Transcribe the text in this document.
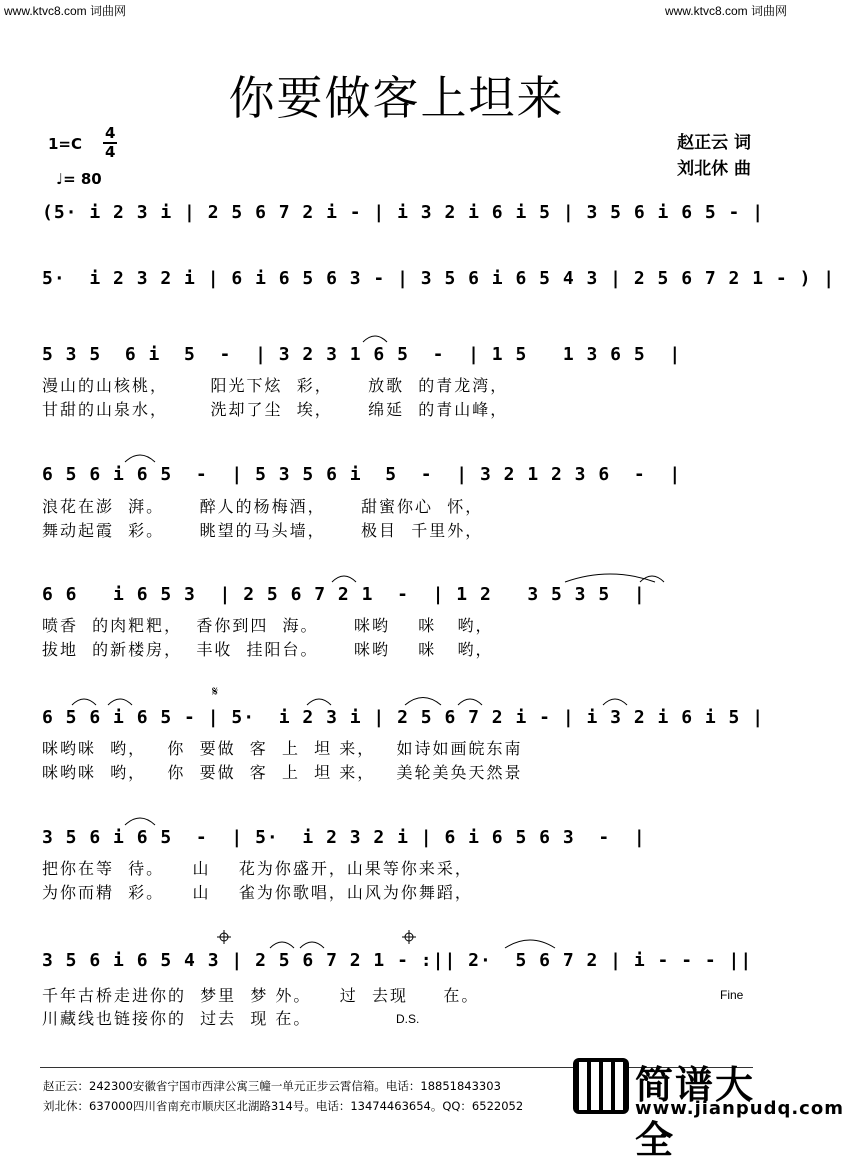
www.ktvc8.com 词曲网	www.ktvc8.com 词曲网
你要做客上坦来
1=C
4
4
♩= 80
赵正云 词
刘北休 曲
(5· i 2 3 i | 2 5 6 7 2 i - | i 3 2 i 6 i 5 | 3 5 6 i 6 5 - |
5·  i 2 3 2 i | 6 i 6 5 6 3 - | 3 5 6 i 6 5 4 3 | 2 5 6 7 2 1 - ) |
5 3 5  6 i  5  -  | 3 2 3 1 6 5  -  | 1 5   1 3 6 5  |
漫山的山核桃，      阳光下炫  彩，     放歌  的青龙湾，
甘甜的山泉水，      洗却了尘  埃，     绵延  的青山峰，
6 5 6 i 6 5  -  | 5 3 5 6 i  5  -  | 3 2 1 2 3 6  -  |
浪花在澎  湃。     醉人的杨梅酒，     甜蜜你心  怀，
舞动起霞  彩。     眺望的马头墙，     极目  千里外，
6 6   i 6 5 3  | 2 5 6 7 2 1  -  | 1 2   3 5 3 5  |
喷香  的肉粑粑，  香你到四  海。     咪哟    咪   哟，
拔地  的新楼房，  丰收  挂阳台。     咪哟    咪   哟，
6 5 6 i 6 5 - | 5·  i 2 3 i | 2 5 6 7 2 i - | i 3 2 i 6 i 5 |
咪哟咪  哟，   你  要做  客  上  坦 来，   如诗如画皖东南
咪哟咪  哟，   你  要做  客  上  坦 来，   美轮美奂天然景
3 5 6 i 6 5  -  | 5·  i 2 3 2 i | 6 i 6 5 6 3  -  |
把你在等  待。    山    花为你盛开，山果等你来采，
为你而精  彩。    山    雀为你歌唱，山风为你舞蹈，
3 5 6 i 6 5 4 3 | 2 5 6 7 2 1 - :|| 2·  5 6 7 2 | i - - - ||
千年古桥走进你的  梦里  梦 外。    过  去现     在。
川藏线也链接你的  过去  现 在。	D.S.
Fine
𝄋
赵正云：242300安徽省宁国市西津公寓三幢一单元正步云霄信箱。电话：18851843303
刘北休：637000四川省南充市顺庆区北湖路314号。电话：13474463654。QQ：6522052	简谱大全
www.jianpudq.com
